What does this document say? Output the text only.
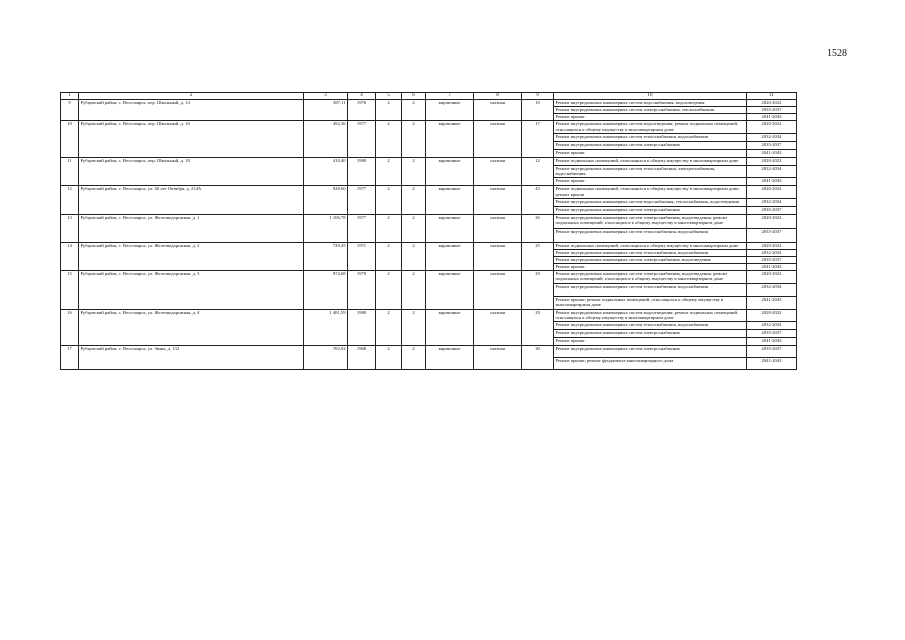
1528
1	2	3	4	5	6	7	8	9	10	11
9	Рубцовский район, с. Веселоярск, пер. Школьный, д. 14	387,11	1976	2	2	кирпичные	скатная	10	Ремонт внутридомовых инженерных систем водоснабжения, водоотведения	2020-2022
									Ремонт внутридомовых инженерных систем электроснабжения, теплоснабжения	2035-2037
									Ремонт крыши	2041-2043
10	Рубцовский район, с. Веселоярск, пер. Школьный, д. 16	492,36	1977	2	2	кирпичные	скатная	17	Ремонт внутридомовых инженерных систем водоотведения; ремонт подвальных помещений, относящихся к общему имуществу в многоквартирном доме	2020-2022
									Ремонт внутридомовых инженерных систем теплоснабжения, водоснабжения	2032-2034
									Ремонт внутридомовых инженерных систем электроснабжения	2035-2037
									Ремонт крыши	2041-2043
11	Рубцовский район, с. Веселоярск, пер. Школьный, д. 18	410,40	1980	2	2	кирпичные	скатная	12	Ремонт подвальных помещений, относящихся к общему имуществу в многоквартирном доме	2020-2022
									Ремонт внутридомовых инженерных систем теплоснабжения, электроснабжения, водоснабжения	2032-2034
									Ремонт крыши	2041-2043
12	Рубцовский район, с. Веселоярск, ул. 40 лет Октября, д. 214А	928,60	1977	2	2	кирпичные	скатная	43	Ремонт подвальных помещений, относящихся к общему имуществу в многоквартирном доме; ремонт крыши	2020-2022
									Ремонт внутридомовых инженерных систем водоснабжения, теплоснабжения, водоотведения	2032-2034
									Ремонт внутридомовых инженерных систем электроснабжения	2035-2037
13	Рубцовский район, с. Веселоярск, ул. Железнодорожная, д. 1	1 106,78	1977	2	2	кирпичные	скатная	26	Ремонт внутридомовых инженерных систем электроснабжения, водоотведения; ремонт подвальных помещений, относящихся к общему имуществу в многоквартирном доме	2020-2022
									Ремонт внутридомовых инженерных систем теплоснабжения, водоснабжения	2035-2037
14	Рубцовский район, с. Веселоярск, ул. Железнодорожная, д. 2	729,45	1971	2	2	кирпичные	скатная	25	Ремонт подвальных помещений, относящихся к общему имуществу в многоквартирном доме	2020-2022
									Ремонт внутридомовых инженерных систем теплоснабжения, водоснабжения	2032-2034
									Ремонт внутридомовых инженерных систем электроснабжения, водоотведения	2035-2037
									Ремонт крыши	2041-2043
15	Рубцовский район, с. Веселоярск, ул. Железнодорожная, д. 3	874,68	1979	2	2	кирпичные	скатная	29	Ремонт внутридомовых инженерных систем электроснабжения, водоотведения; ремонт подвальных помещений, относящихся к общему имуществу в многоквартирном доме	2020-2022
									Ремонт внутридомовых инженерных систем теплоснабжения, водоснабжения	2032-2034
									Ремонт крыши; ремонт подвальных помещений, относящихся к общему имуществу в многоквартирном доме	2041-2043
16	Рубцовский район, с. Веселоярск, ул. Железнодорожная, д. 4	1 401,59	1980	2	2	кирпичные	скатная	29	Ремонт внутридомовых инженерных систем водоотведения; ремонт подвальных помещений, относящихся к общему имуществу в многоквартирном доме	2020-2022
									Ремонт внутридомовых инженерных систем теплоснабжения, водоснабжения	2032-2034
									Ремонт внутридомовых инженерных систем электроснабжения	2035-2037
									Ремонт крыши	2041-2043
17	Рубцовский район, с. Веселоярск, ул. Зимы, д. 132	702,92	1968	2	2	кирпичные	скатная	30	Ремонт внутридомовых инженерных систем электроснабжения	2035-2037
									Ремонт крыши; ремонт фундамента многоквартирного дома	2041-2043
